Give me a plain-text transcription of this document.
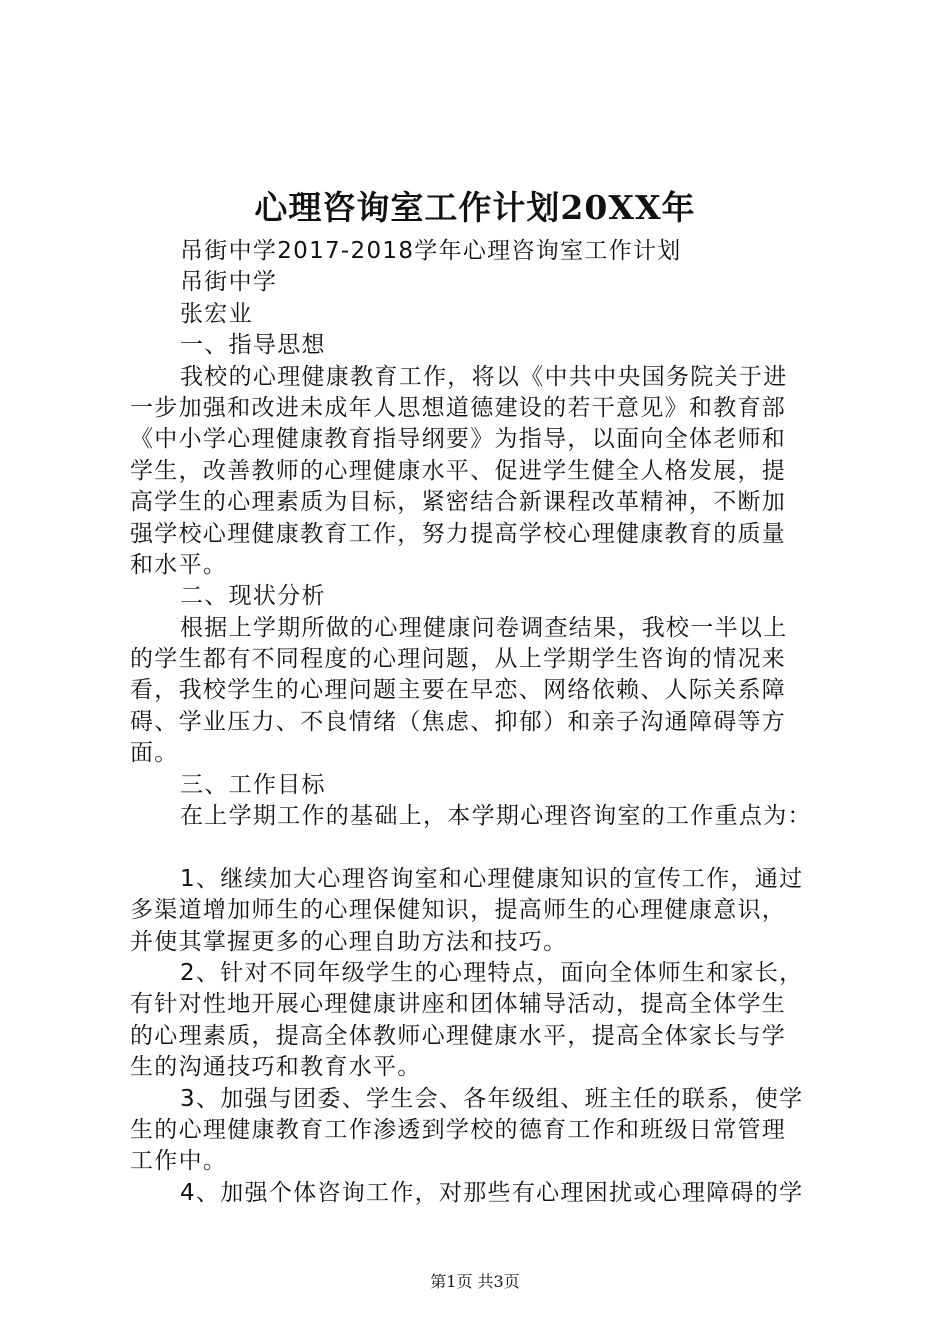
心理咨询室工作计划20XX年
吊街中学2017-2018学年心理咨询室工作计划
吊街中学
张宏业
一、指导思想
我校的心理健康教育工作，将以《中共中央国务院关于进
一步加强和改进未成年人思想道德建设的若干意见》和教育部
《中小学心理健康教育指导纲要》为指导，以面向全体老师和
学生，改善教师的心理健康水平、促进学生健全人格发展，提
高学生的心理素质为目标，紧密结合新课程改革精神，不断加
强学校心理健康教育工作，努力提高学校心理健康教育的质量
和水平。
二、现状分析
根据上学期所做的心理健康问卷调查结果，我校一半以上
的学生都有不同程度的心理问题，从上学期学生咨询的情况来
看，我校学生的心理问题主要在早恋、网络依赖、人际关系障
碍、学业压力、不良情绪（焦虑、抑郁）和亲子沟通障碍等方
面。
三、工作目标
在上学期工作的基础上，本学期心理咨询室的工作重点为：
1、继续加大心理咨询室和心理健康知识的宣传工作，通过
多渠道增加师生的心理保健知识，提高师生的心理健康意识，
并使其掌握更多的心理自助方法和技巧。
2、针对不同年级学生的心理特点，面向全体师生和家长，
有针对性地开展心理健康讲座和团体辅导活动，提高全体学生
的心理素质，提高全体教师心理健康水平，提高全体家长与学
生的沟通技巧和教育水平。
3、加强与团委、学生会、各年级组、班主任的联系，使学
生的心理健康教育工作渗透到学校的德育工作和班级日常管理
工作中。
4、加强个体咨询工作，对那些有心理困扰或心理障碍的学
第1页 共3页
